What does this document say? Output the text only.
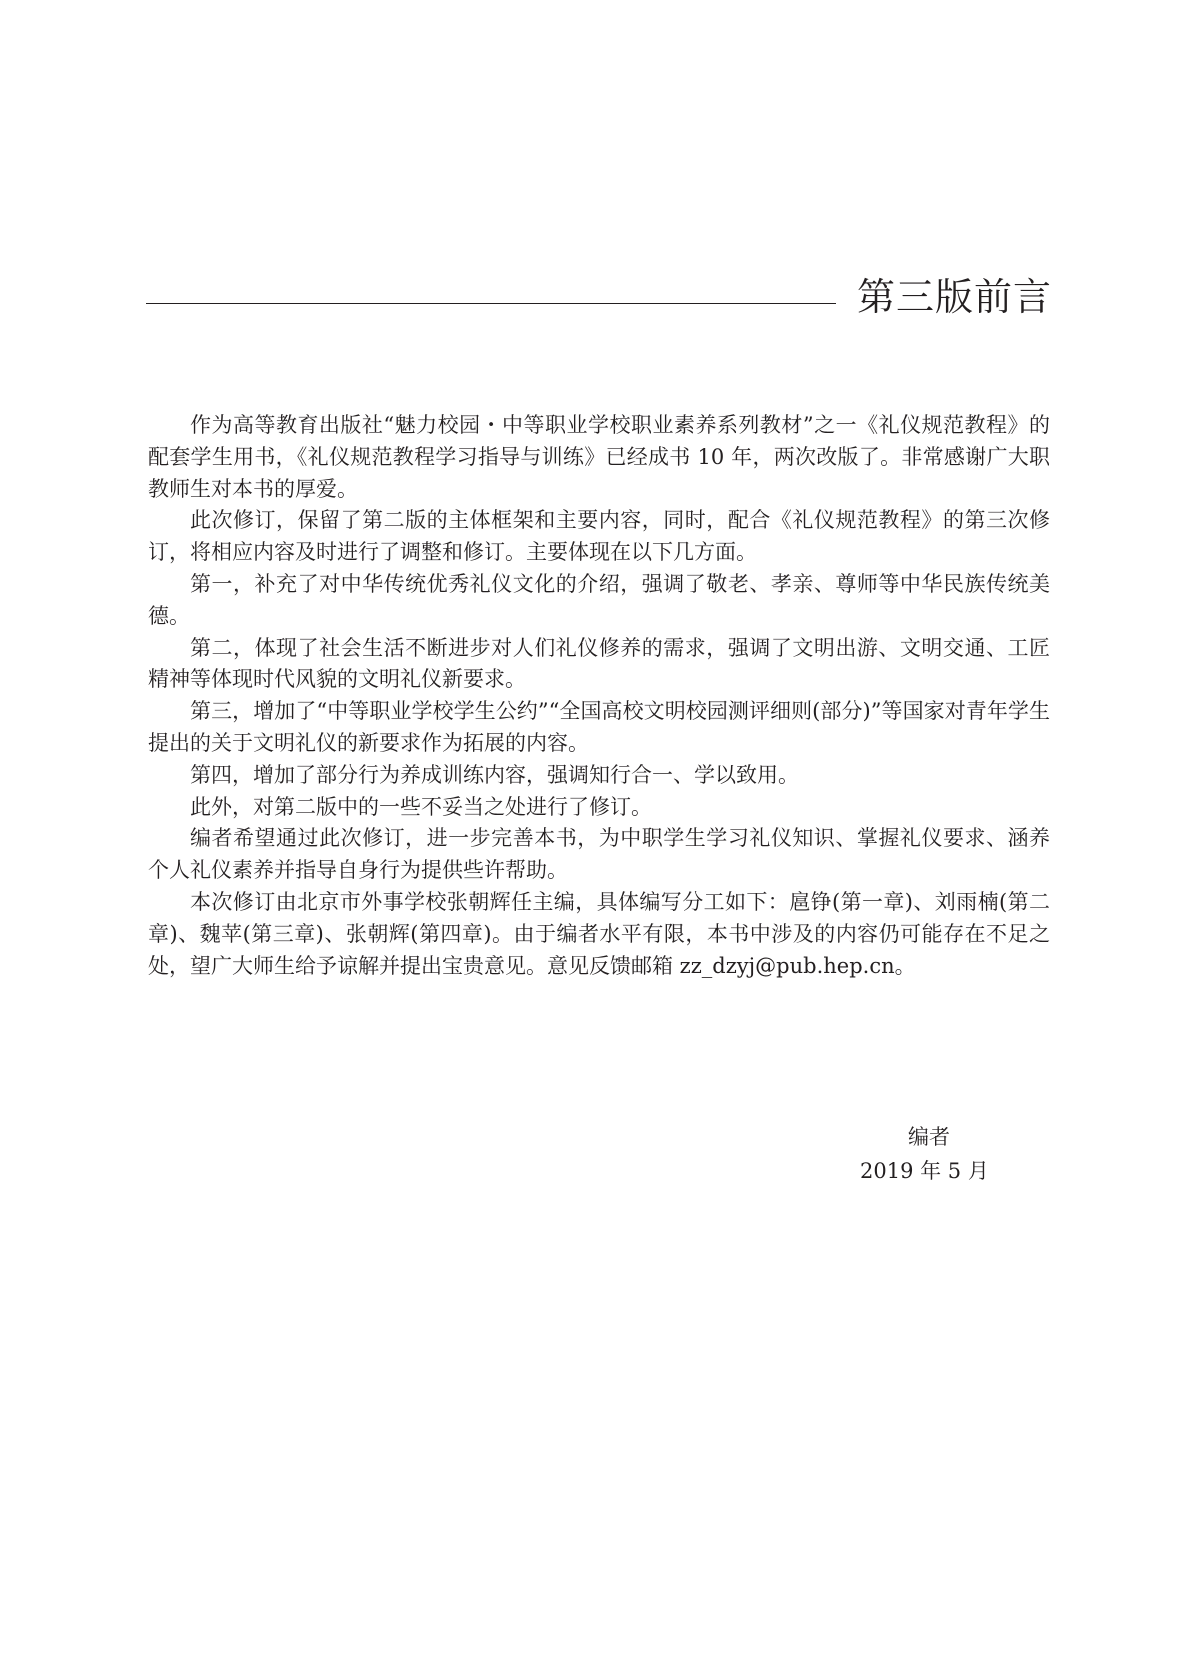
第三版前言

作为高等教育出版社“魅力校园・中等职业学校职业素养系列教材”之一《礼仪规范教程》的配套学生用书，《礼仪规范教程学习指导与训练》已经成书 10 年，两次改版了。非常感谢广大职教师生对本书的厚爱。

此次修订，保留了第二版的主体框架和主要内容，同时，配合《礼仪规范教程》的第三次修订，将相应内容及时进行了调整和修订。主要体现在以下几方面。

第一，补充了对中华传统优秀礼仪文化的介绍，强调了敬老、孝亲、尊师等中华民族传统美德。

第二，体现了社会生活不断进步对人们礼仪修养的需求，强调了文明出游、文明交通、工匠精神等体现时代风貌的文明礼仪新要求。

第三，增加了“中等职业学校学生公约”“全国高校文明校园测评细则(部分)”等国家对青年学生提出的关于文明礼仪的新要求作为拓展的内容。

第四，增加了部分行为养成训练内容，强调知行合一、学以致用。

此外，对第二版中的一些不妥当之处进行了修订。

编者希望通过此次修订，进一步完善本书，为中职学生学习礼仪知识、掌握礼仪要求、涵养个人礼仪素养并指导自身行为提供些许帮助。

本次修订由北京市外事学校张朝辉任主编，具体编写分工如下：扈铮(第一章)、刘雨楠(第二章)、魏苹(第三章)、张朝辉(第四章)。由于编者水平有限，本书中涉及的内容仍可能存在不足之处，望广大师生给予谅解并提出宝贵意见。意见反馈邮箱 zz_dzyj@pub.hep.cn。

编者
2019 年 5 月
